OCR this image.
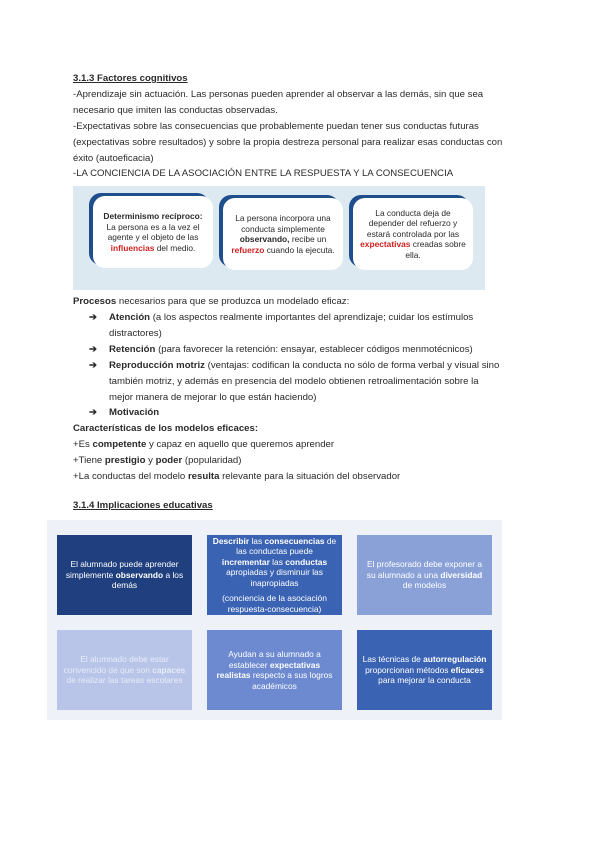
3.1.3 Factores cognitivos
-Aprendizaje sin actuación. Las personas pueden aprender al observar a las demás, sin que sea
necesario que imiten las conductas observadas.
-Expectativas sobre las consecuencias que probablemente puedan tener sus conductas futuras
(expectativas sobre resultados) y sobre la propia destreza personal para realizar esas conductas con
éxito (autoeficacia)
-LA CONCIENCIA DE LA ASOCIACIÓN ENTRE LA RESPUESTA Y LA CONSECUENCIA
Determinismo recíproco: La persona es a la vez el agente y el objeto de las influencias del medio.
La persona incorpora una conducta simplemente observando, recibe un refuerzo cuando la ejecuta.
La conducta deja de depender del refuerzo y estará controlada por las expectativas creadas sobre ella.
Procesos necesarios para que se produzca un modelado eficaz:
➔ Atención (a los aspectos realmente importantes del aprendizaje; cuidar los estímulos
distractores)
➔ Retención (para favorecer la retención: ensayar, establecer códigos menmotécnicos)
➔ Reproducción motriz (ventajas: codifican la conducta no sólo de forma verbal y visual sino
también motriz, y además en presencia del modelo obtienen retroalimentación sobre la
mejor manera de mejorar lo que están haciendo)
➔ Motivación
Características de los modelos eficaces:
+Es competente y capaz en aquello que queremos aprender
+Tiene prestigio y poder (popularidad)
+La conductas del modelo resulta relevante para la situación del observador
3.1.4 Implicaciones educativas
El alumnado puede aprender simplemente observando a los demás
Describir las consecuencias de las conductas puede incrementar las conductas apropiadas y disminuir las inapropiadas
(conciencia de la asociación respuesta-consecuencia)
El profesorado debe exponer a su alumnado a una diversidad de modelos
El alumnado debe estar convencido de que son capaces de realizar las tareas escolares
Ayudan a su alumnado a establecer expectativas realistas respecto a sus logros académicos
Las técnicas de autorregulación proporcionan métodos eficaces para mejorar la conducta
